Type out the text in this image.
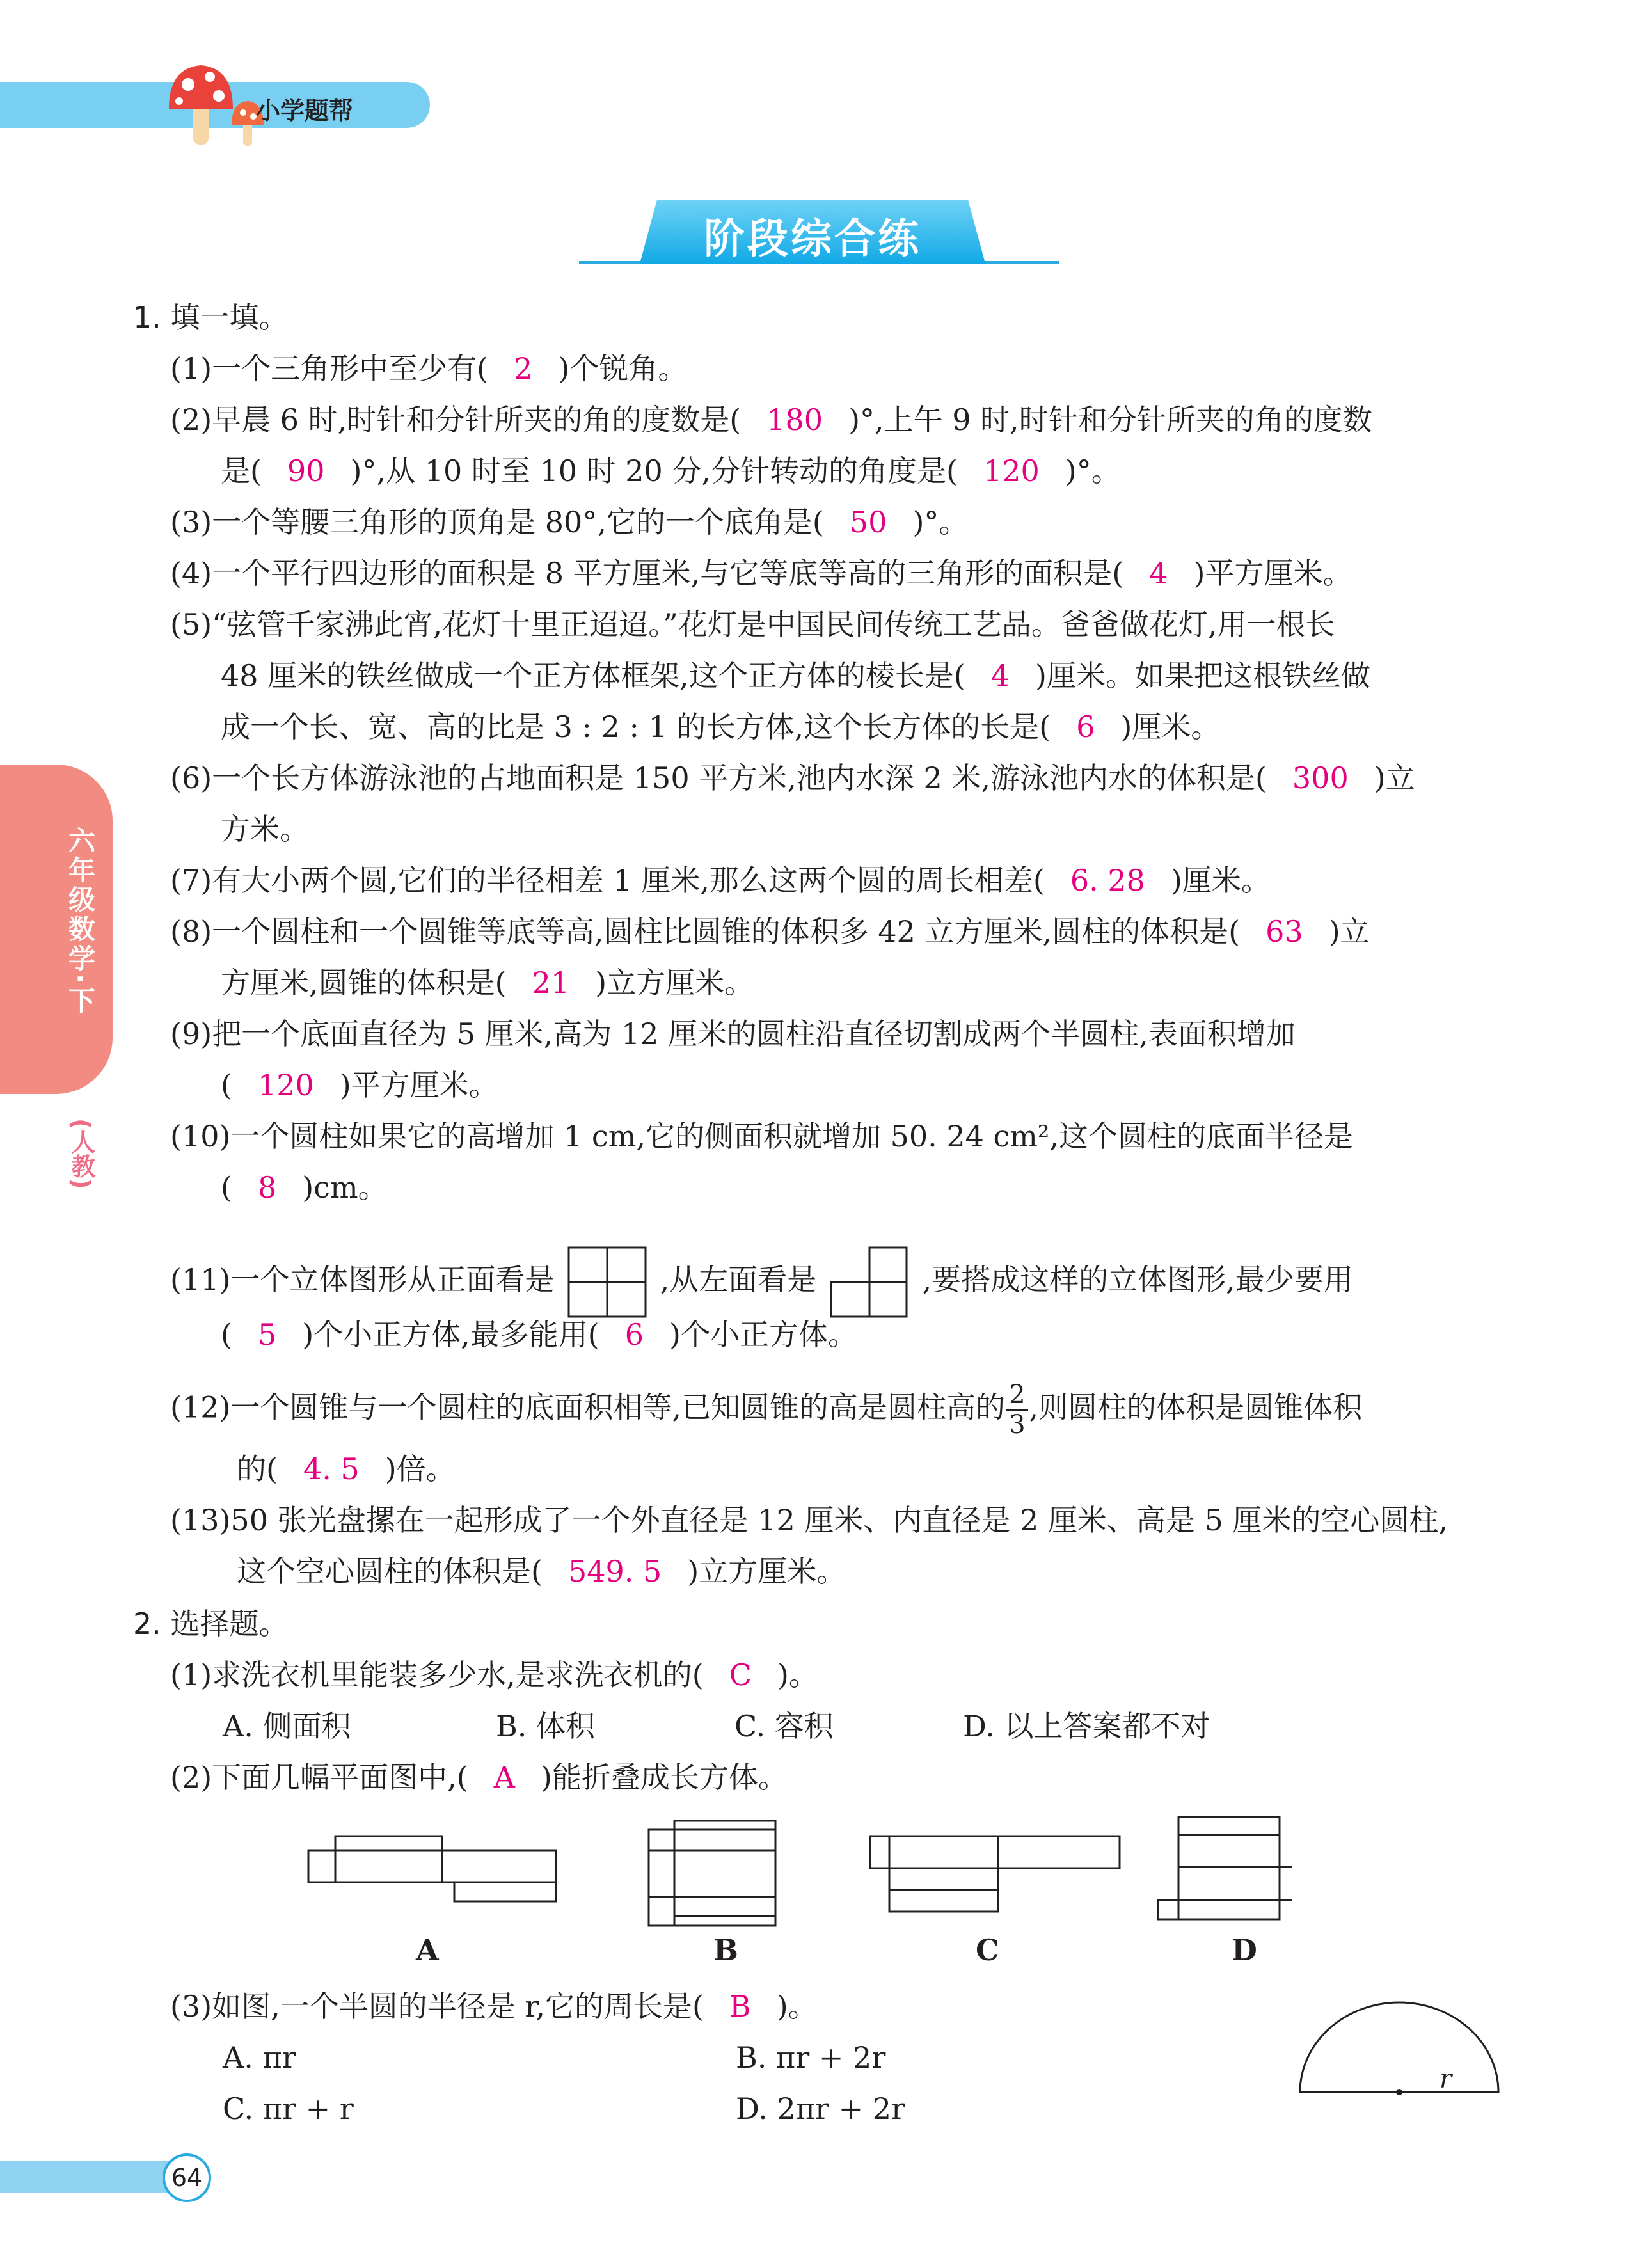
小学题帮
阶段综合练
六年级数学·下
(人教)
1. 填一填。
(1)一个三角形中至少有( 2 )个锐角。
(2)早晨 6 时,时针和分针所夹的角的度数是( 180 )°,上午 9 时,时针和分针所夹的角的度数
是( 90 )°,从 10 时至 10 时 20 分,分针转动的角度是( 120 )°。
(3)一个等腰三角形的顶角是 80°,它的一个底角是( 50 )°。
(4)一个平行四边形的面积是 8 平方厘米,与它等底等高的三角形的面积是( 4 )平方厘米。
(5)“弦管千家沸此宵,花灯十里正迢迢。”花灯是中国民间传统工艺品。爸爸做花灯,用一根长
48 厘米的铁丝做成一个正方体框架,这个正方体的棱长是( 4 )厘米。如果把这根铁丝做
成一个长、宽、高的比是 3 : 2 : 1 的长方体,这个长方体的长是( 6 )厘米。
(6)一个长方体游泳池的占地面积是 150 平方米,池内水深 2 米,游泳池内水的体积是( 300 )立
方米。
(7)有大小两个圆,它们的半径相差 1 厘米,那么这两个圆的周长相差( 6. 28 )厘米。
(8)一个圆柱和一个圆锥等底等高,圆柱比圆锥的体积多 42 立方厘米,圆柱的体积是( 63 )立
方厘米,圆锥的体积是( 21 )立方厘米。
(9)把一个底面直径为 5 厘米,高为 12 厘米的圆柱沿直径切割成两个半圆柱,表面积增加
( 120 )平方厘米。
(10)一个圆柱如果它的高增加 1 cm,它的侧面积就增加 50. 24 cm²,这个圆柱的底面半径是
( 8 )cm。
(11)一个立体图形从正面看是	,从左面看是	,要搭成这样的立体图形,最少要用
( 5 )个小正方体,最多能用( 6 )个小正方体。
(12)一个圆锥与一个圆柱的底面积相等,已知圆锥的高是圆柱高的 $\frac{2}{3}$ ,则圆柱的体积是圆锥体积
的( 4. 5 )倍。
(13)50 张光盘摞在一起形成了一个外直径是 12 厘米、内直径是 2 厘米、高是 5 厘米的空心圆柱,
这个空心圆柱的体积是( 549. 5 )立方厘米。
2. 选择题。
(1)求洗衣机里能装多少水,是求洗衣机的( C )。
A. 侧面积	B. 体积	C. 容积	D. 以上答案都不对
(2)下面几幅平面图中,( A )能折叠成长方体。
A	B	C	D
(3)如图,一个半圆的半径是 r,它的周长是( B )。
A. πr	B. πr + 2r
C. πr + r	D. 2πr + 2r
r
64
